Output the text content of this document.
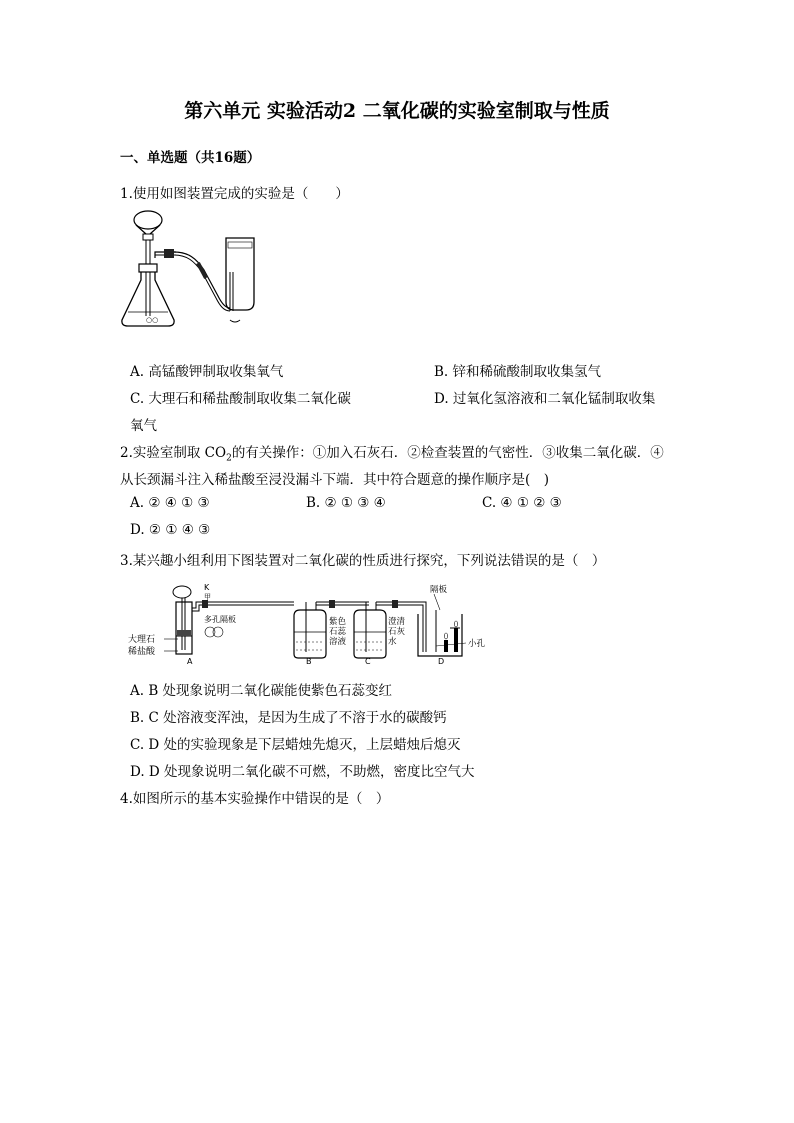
第六单元 实验活动2 二氧化碳的实验室制取与性质
一、单选题（共16题）
1.使用如图装置完成的实验是（　　）
○○
A. 高锰酸钾制取收集氧气	B. 锌和稀硫酸制取收集氢气
C. 大理石和稀盐酸制取收集二氧化碳	D. 过氧化氢溶液和二氧化锰制取收集
氧气
2.实验室制取 $CO_2$的有关操作：①加入石灰石．②检查装置的气密性．③收集二氧化碳．④
从长颈漏斗注入稀盐酸至浸没漏斗下端．其中符合题意的操作顺序是(　)
A. ② ④ ① ③	B. ② ① ③ ④	C. ④ ① ② ③
D. ② ① ④ ③
3.某兴趣小组利用下图装置对二氧化碳的性质进行探究，下列说法错误的是（　）
K
甲
多孔隔板
大理石
稀盐酸
A
紫色
石蕊
溶液
B
澄清
石灰
水
C
隔板
小孔
D
A. B 处现象说明二氧化碳能使紫色石蕊变红
B. C 处溶液变浑浊，是因为生成了不溶于水的碳酸钙
C. D 处的实验现象是下层蜡烛先熄灭，上层蜡烛后熄灭
D. D 处现象说明二氧化碳不可燃，不助燃，密度比空气大
4.如图所示的基本实验操作中错误的是（　）
